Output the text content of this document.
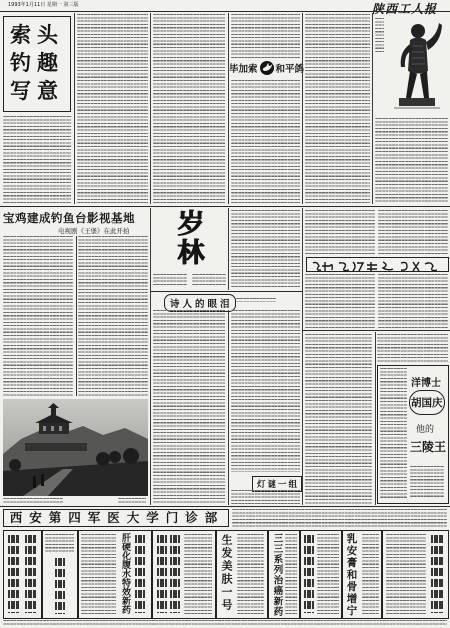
1993年1月11日 星期一 第三版	陕西工人报
索头
钓趣
写意
毕加索 和平鸽
宝鸡建成钓鱼台影视基地
电视剧《王堡》在此开拍	岁
林
诗人的眼泪
灯谜一组
洋博士
胡国庆
他的
三陵王
西安第四军医大学门诊部
肝硬化腹水特效新药	生发美肤一号	三三系列治癌新药	乳安膏和骨增宁
